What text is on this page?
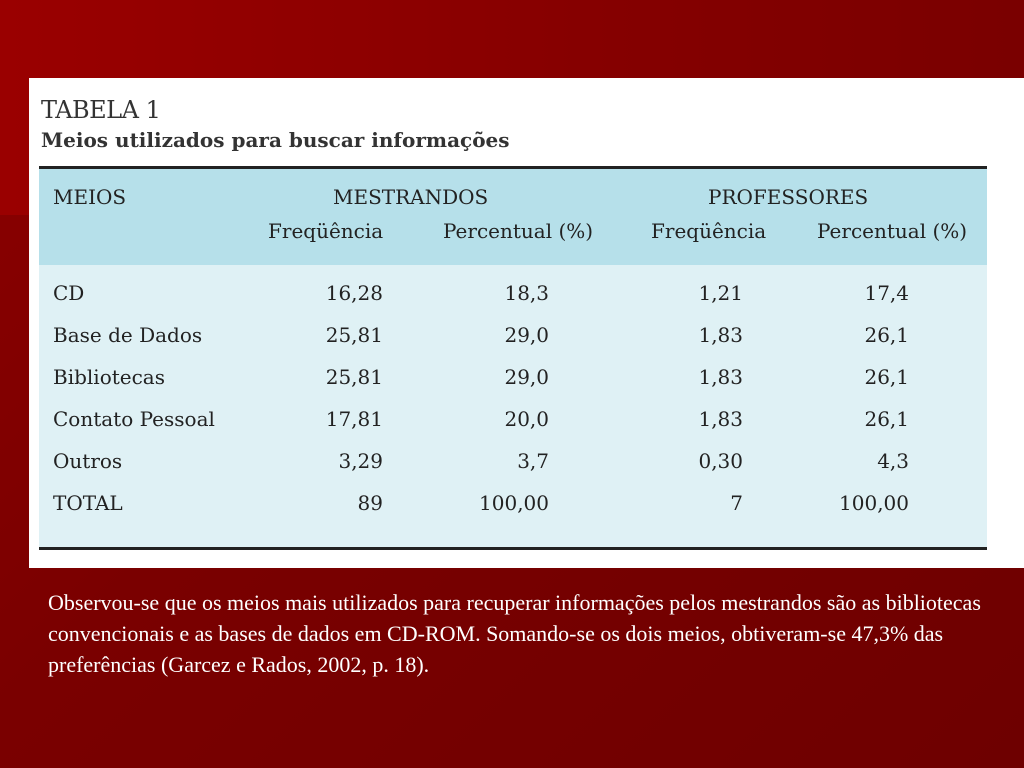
TABELA 1
Meios utilizados para buscar informações
MEIOS	MESTRANDOS	PROFESSORES
Freqüência	Percentual (%)	Freqüência	Percentual (%)
CD	16,28	18,3	1,21	17,4
Base de Dados	25,81	29,0	1,83	26,1
Bibliotecas	25,81	29,0	1,83	26,1
Contato Pessoal	17,81	20,0	1,83	26,1
Outros	3,29	3,7	0,30	4,3
TOTAL	89	100,00	7	100,00
Observou-se que os meios mais utilizados para recuperar informações pelos mestrandos são as bibliotecas convencionais e as bases de dados em CD-ROM. Somando-se os dois meios, obtiveram-se 47,3% das preferências (Garcez e Rados, 2002, p. 18).
